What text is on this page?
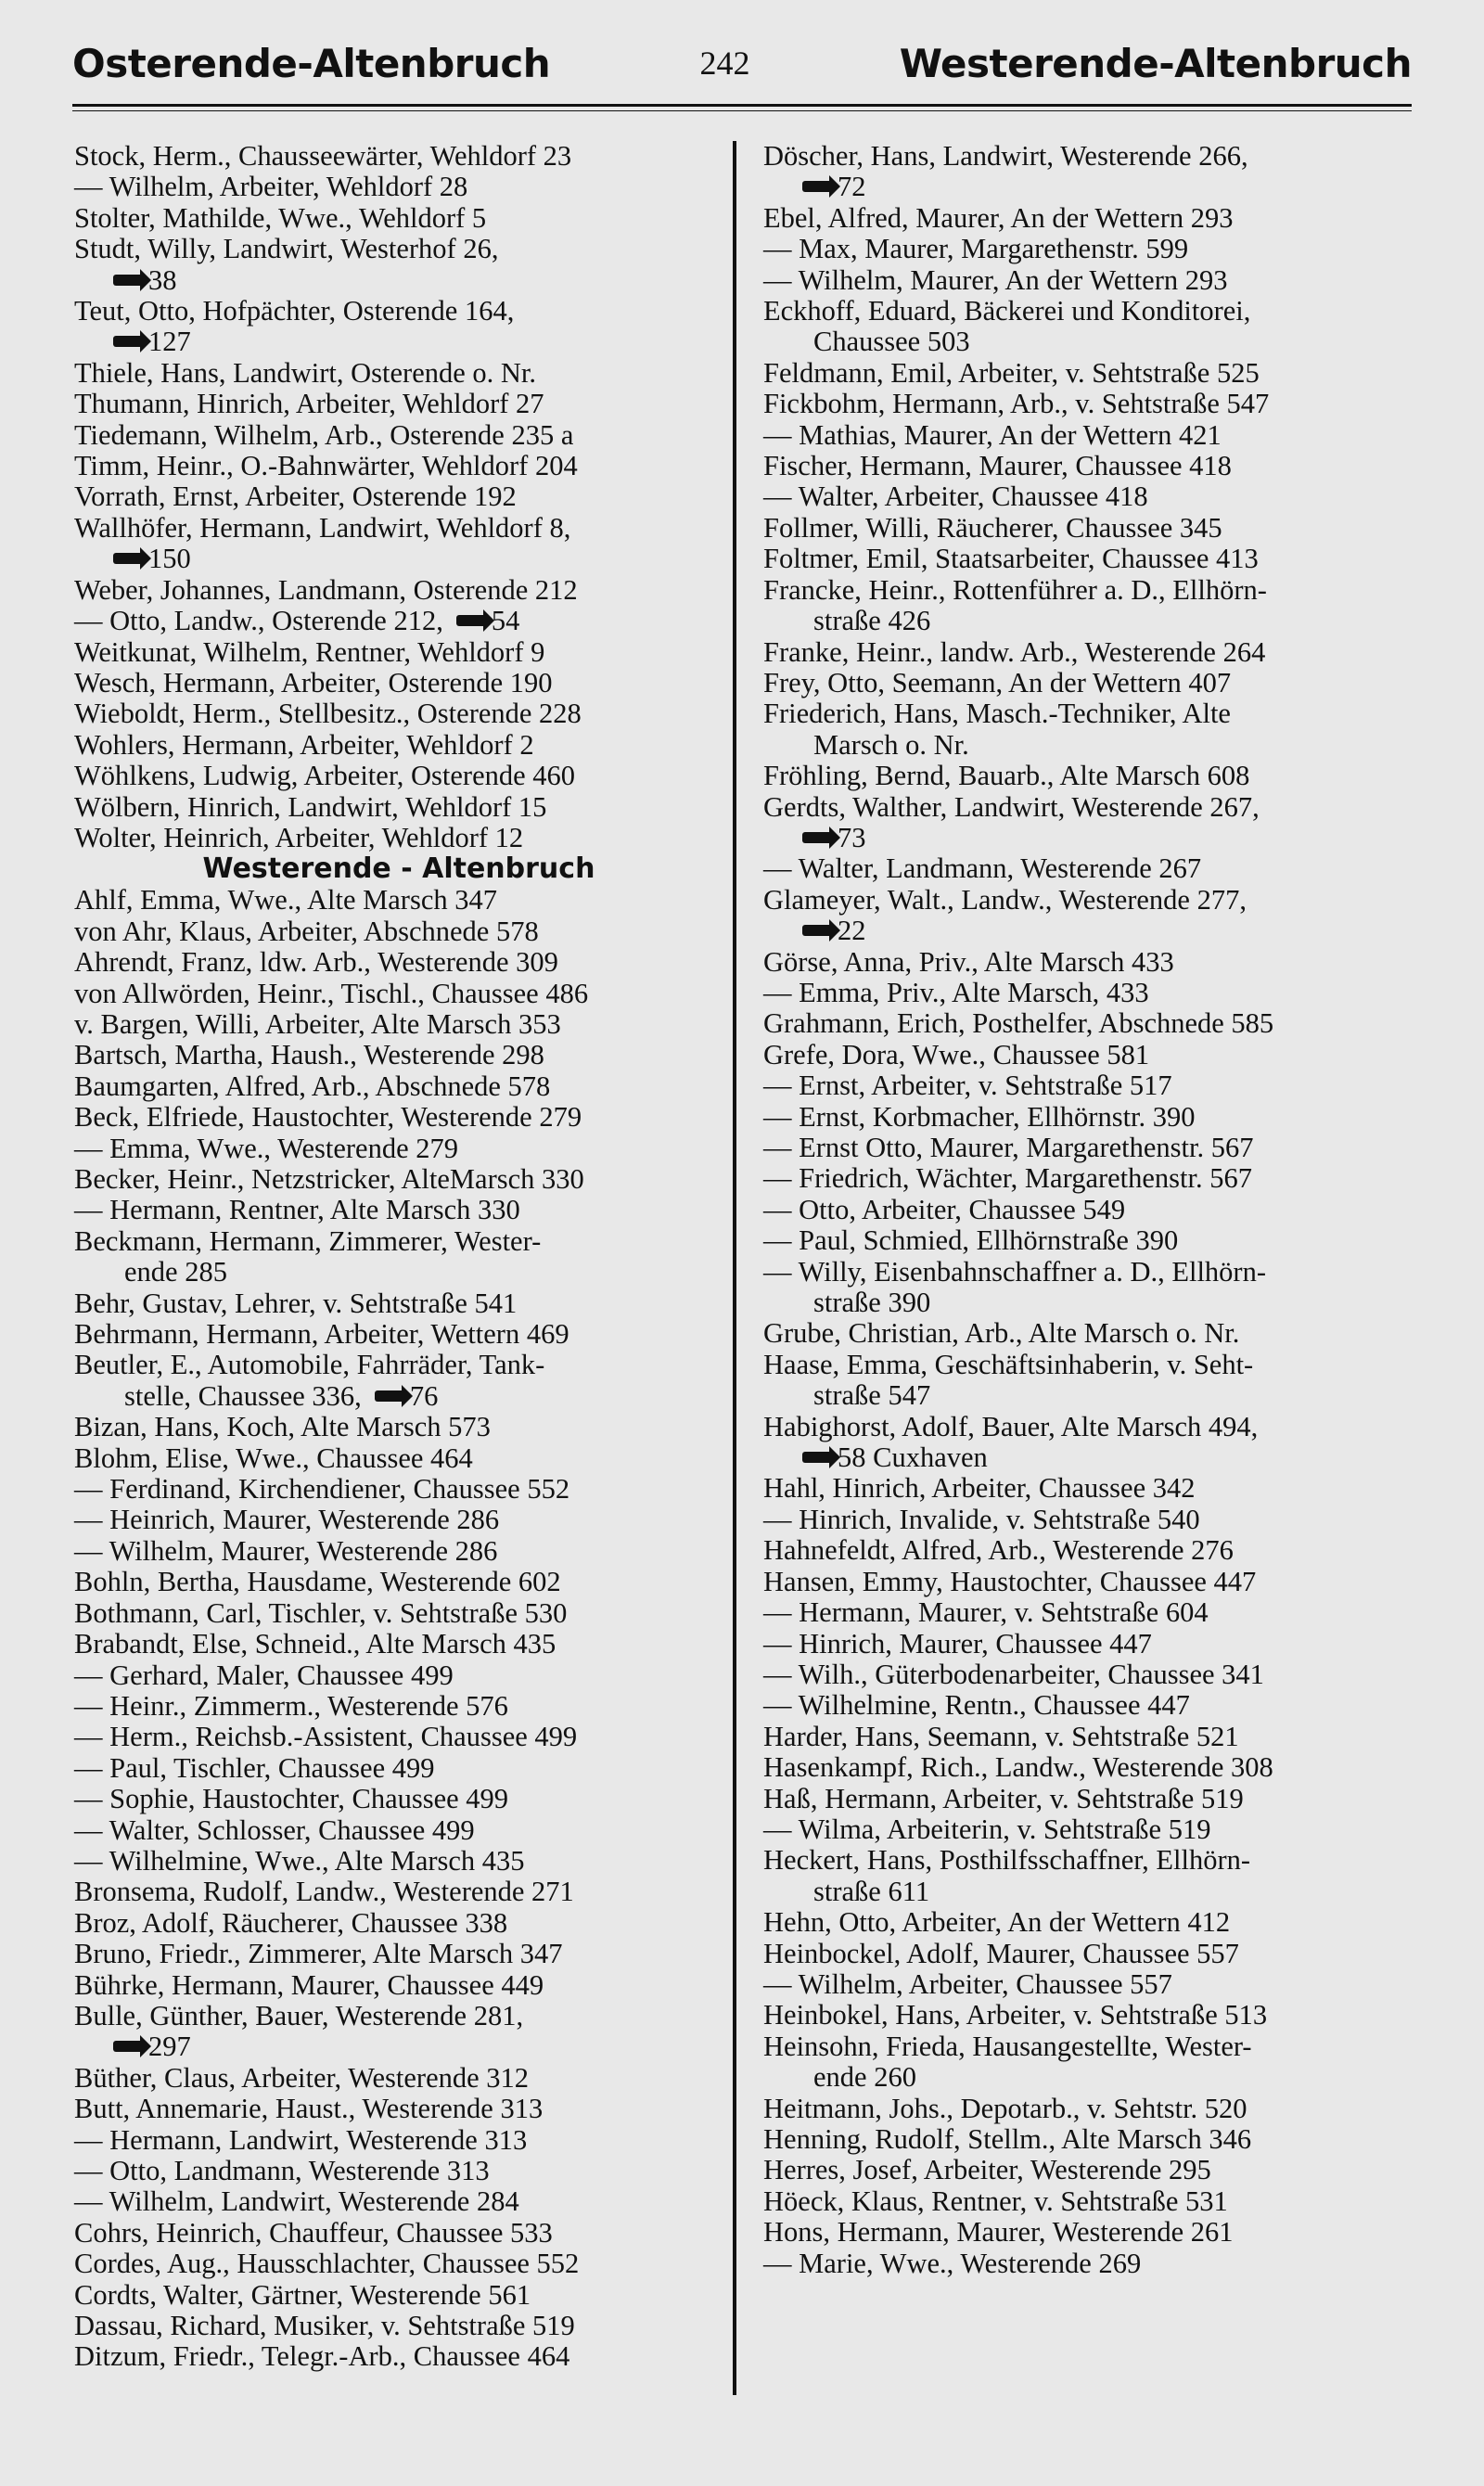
Osterende-Altenbruch	242	Westerende-Altenbruch
Stock, Herm., Chausseewärter, Wehldorf 23
— Wilhelm, Arbeiter, Wehldorf 28
Stolter, Mathilde, Wwe., Wehldorf 5
Studt, Willy, Landwirt, Westerhof 26,
38
Teut, Otto, Hofpächter, Osterende 164,
127
Thiele, Hans, Landwirt, Osterende o. Nr.
Thumann, Hinrich, Arbeiter, Wehldorf 27
Tiedemann, Wilhelm, Arb., Osterende 235 a
Timm, Heinr., O.-Bahnwärter, Wehldorf 204
Vorrath, Ernst, Arbeiter, Osterende 192
Wallhöfer, Hermann, Landwirt, Wehldorf 8,
150
Weber, Johannes, Landmann, Osterende 212
— Otto, Landw., Osterende 212, 54
Weitkunat, Wilhelm, Rentner, Wehldorf 9
Wesch, Hermann, Arbeiter, Osterende 190
Wieboldt, Herm., Stellbesitz., Osterende 228
Wohlers, Hermann, Arbeiter, Wehldorf 2
Wöhlkens, Ludwig, Arbeiter, Osterende 460
Wölbern, Hinrich, Landwirt, Wehldorf 15
Wolter, Heinrich, Arbeiter, Wehldorf 12
Westerende - Altenbruch
Ahlf, Emma, Wwe., Alte Marsch 347
von Ahr, Klaus, Arbeiter, Abschnede 578
Ahrendt, Franz, ldw. Arb., Westerende 309
von Allwörden, Heinr., Tischl., Chaussee 486
v. Bargen, Willi, Arbeiter, Alte Marsch 353
Bartsch, Martha, Haush., Westerende 298
Baumgarten, Alfred, Arb., Abschnede 578
Beck, Elfriede, Haustochter, Westerende 279
— Emma, Wwe., Westerende 279
Becker, Heinr., Netzstricker, AlteMarsch 330
— Hermann, Rentner, Alte Marsch 330
Beckmann, Hermann, Zimmerer, Wester-
ende 285
Behr, Gustav, Lehrer, v. Sehtstraße 541
Behrmann, Hermann, Arbeiter, Wettern 469
Beutler, E., Automobile, Fahrräder, Tank-
stelle, Chaussee 336, 76
Bizan, Hans, Koch, Alte Marsch 573
Blohm, Elise, Wwe., Chaussee 464
— Ferdinand, Kirchendiener, Chaussee 552
— Heinrich, Maurer, Westerende 286
— Wilhelm, Maurer, Westerende 286
Bohln, Bertha, Hausdame, Westerende 602
Bothmann, Carl, Tischler, v. Sehtstraße 530
Brabandt, Else, Schneid., Alte Marsch 435
— Gerhard, Maler, Chaussee 499
— Heinr., Zimmerm., Westerende 576
— Herm., Reichsb.-Assistent, Chaussee 499
— Paul, Tischler, Chaussee 499
— Sophie, Haustochter, Chaussee 499
— Walter, Schlosser, Chaussee 499
— Wilhelmine, Wwe., Alte Marsch 435
Bronsema, Rudolf, Landw., Westerende 271
Broz, Adolf, Räucherer, Chaussee 338
Bruno, Friedr., Zimmerer, Alte Marsch 347
Bührke, Hermann, Maurer, Chaussee 449
Bulle, Günther, Bauer, Westerende 281,
297
Büther, Claus, Arbeiter, Westerende 312
Butt, Annemarie, Haust., Westerende 313
— Hermann, Landwirt, Westerende 313
— Otto, Landmann, Westerende 313
— Wilhelm, Landwirt, Westerende 284
Cohrs, Heinrich, Chauffeur, Chaussee 533
Cordes, Aug., Hausschlachter, Chaussee 552
Cordts, Walter, Gärtner, Westerende 561
Dassau, Richard, Musiker, v. Sehtstraße 519
Ditzum, Friedr., Telegr.-Arb., Chaussee 464
Döscher, Hans, Landwirt, Westerende 266,
72
Ebel, Alfred, Maurer, An der Wettern 293
— Max, Maurer, Margarethenstr. 599
— Wilhelm, Maurer, An der Wettern 293
Eckhoff, Eduard, Bäckerei und Konditorei,
Chaussee 503
Feldmann, Emil, Arbeiter, v. Sehtstraße 525
Fickbohm, Hermann, Arb., v. Sehtstraße 547
— Mathias, Maurer, An der Wettern 421
Fischer, Hermann, Maurer, Chaussee 418
— Walter, Arbeiter, Chaussee 418
Follmer, Willi, Räucherer, Chaussee 345
Foltmer, Emil, Staatsarbeiter, Chaussee 413
Francke, Heinr., Rottenführer a. D., Ellhörn-
straße 426
Franke, Heinr., landw. Arb., Westerende 264
Frey, Otto, Seemann, An der Wettern 407
Friederich, Hans, Masch.-Techniker, Alte
Marsch o. Nr.
Fröhling, Bernd, Bauarb., Alte Marsch 608
Gerdts, Walther, Landwirt, Westerende 267,
73
— Walter, Landmann, Westerende 267
Glameyer, Walt., Landw., Westerende 277,
22
Görse, Anna, Priv., Alte Marsch 433
— Emma, Priv., Alte Marsch, 433
Grahmann, Erich, Posthelfer, Abschnede 585
Grefe, Dora, Wwe., Chaussee 581
— Ernst, Arbeiter, v. Sehtstraße 517
— Ernst, Korbmacher, Ellhörnstr. 390
— Ernst Otto, Maurer, Margarethenstr. 567
— Friedrich, Wächter, Margarethenstr. 567
— Otto, Arbeiter, Chaussee 549
— Paul, Schmied, Ellhörnstraße 390
— Willy, Eisenbahnschaffner a. D., Ellhörn-
straße 390
Grube, Christian, Arb., Alte Marsch o. Nr.
Haase, Emma, Geschäftsinhaberin, v. Seht-
straße 547
Habighorst, Adolf, Bauer, Alte Marsch 494,
58 Cuxhaven
Hahl, Hinrich, Arbeiter, Chaussee 342
— Hinrich, Invalide, v. Sehtstraße 540
Hahnefeldt, Alfred, Arb., Westerende 276
Hansen, Emmy, Haustochter, Chaussee 447
— Hermann, Maurer, v. Sehtstraße 604
— Hinrich, Maurer, Chaussee 447
— Wilh., Güterbodenarbeiter, Chaussee 341
— Wilhelmine, Rentn., Chaussee 447
Harder, Hans, Seemann, v. Sehtstraße 521
Hasenkampf, Rich., Landw., Westerende 308
Haß, Hermann, Arbeiter, v. Sehtstraße 519
— Wilma, Arbeiterin, v. Sehtstraße 519
Heckert, Hans, Posthilfsschaffner, Ellhörn-
straße 611
Hehn, Otto, Arbeiter, An der Wettern 412
Heinbockel, Adolf, Maurer, Chaussee 557
— Wilhelm, Arbeiter, Chaussee 557
Heinbokel, Hans, Arbeiter, v. Sehtstraße 513
Heinsohn, Frieda, Hausangestellte, Wester-
ende 260
Heitmann, Johs., Depotarb., v. Sehtstr. 520
Henning, Rudolf, Stellm., Alte Marsch 346
Herres, Josef, Arbeiter, Westerende 295
Höeck, Klaus, Rentner, v. Sehtstraße 531
Hons, Hermann, Maurer, Westerende 261
— Marie, Wwe., Westerende 269
